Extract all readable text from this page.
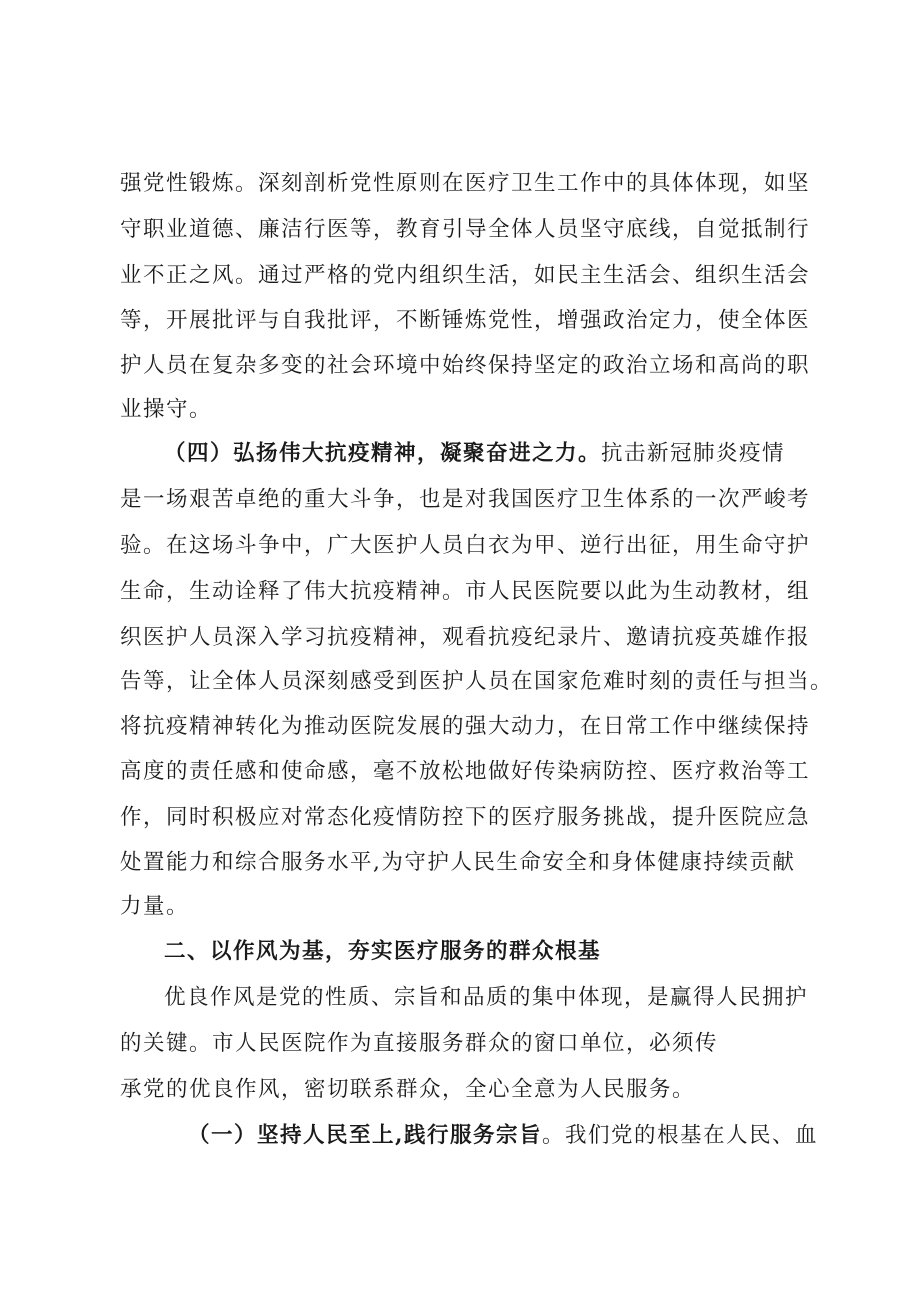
强党性锻炼。深刻剖析党性原则在医疗卫生工作中的具体体现，如坚
守职业道德、廉洁行医等，教育引导全体人员坚守底线，自觉抵制行
业不正之风。通过严格的党内组织生活，如民主生活会、组织生活会
等，开展批评与自我批评，不断锤炼党性，增强政治定力，使全体医
护人员在复杂多变的社会环境中始终保持坚定的政治立场和高尚的职
业操守。
（四）弘扬伟大抗疫精神，凝聚奋进之力。抗击新冠肺炎疫情
是一场艰苦卓绝的重大斗争，也是对我国医疗卫生体系的一次严峻考
验。在这场斗争中，广大医护人员白衣为甲、逆行出征，用生命守护
生命，生动诠释了伟大抗疫精神。市人民医院要以此为生动教材，组
织医护人员深入学习抗疫精神，观看抗疫纪录片、邀请抗疫英雄作报
告等，让全体人员深刻感受到医护人员在国家危难时刻的责任与担当。
将抗疫精神转化为推动医院发展的强大动力，在日常工作中继续保持
高度的责任感和使命感，毫不放松地做好传染病防控、医疗救治等工
作，同时积极应对常态化疫情防控下的医疗服务挑战，提升医院应急
处置能力和综合服务水平,为守护人民生命安全和身体健康持续贡献
力量。
二、以作风为基，夯实医疗服务的群众根基
优良作风是党的性质、宗旨和品质的集中体现，是赢得人民拥护
的关键。市人民医院作为直接服务群众的窗口单位，必须传
承党的优良作风，密切联系群众，全心全意为人民服务。
（一）坚持人民至上,践行服务宗旨。我们党的根基在人民、血
